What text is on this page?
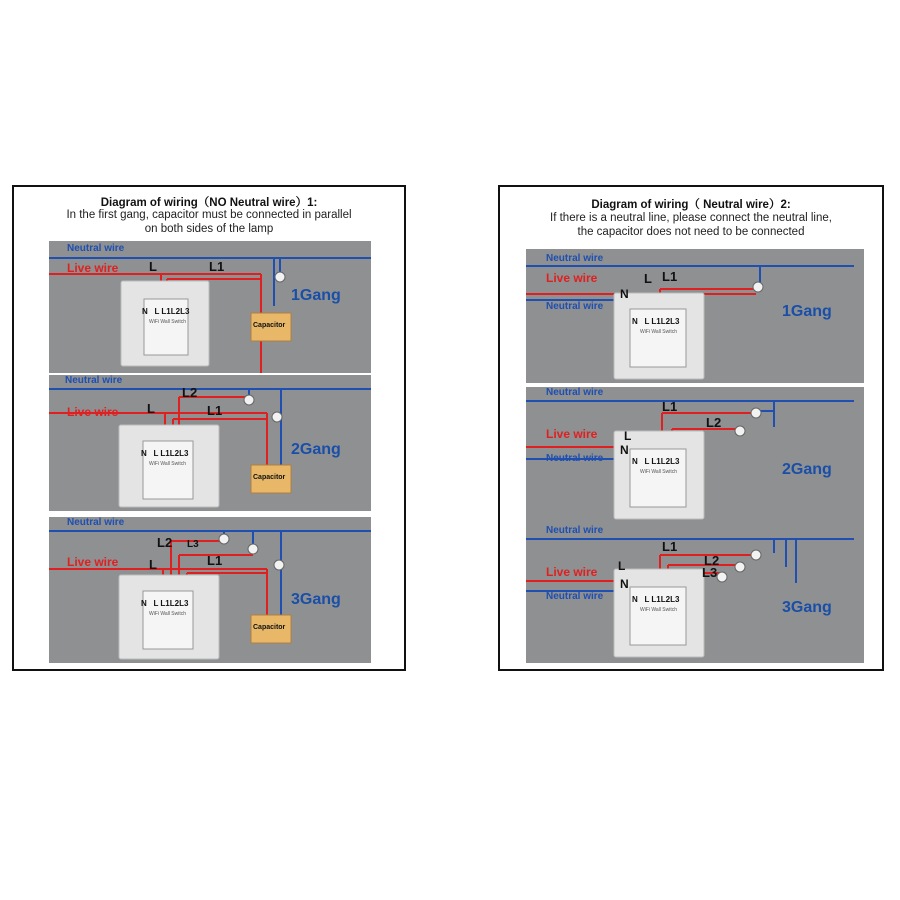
Diagram of wiring（NO Neutral wire）1:
In the first gang, capacitor must be connected in parallel
on both sides of the lamp
Neutral wire
Live wire L	L1
N   L L1L2L3
WiFi Wall Switch	Capacitor
1Gang
Neutral wire
Live wire L
L2
L1
N   L L1L2L3
WiFi Wall Switch
Capacitor
2Gang
Neutral wire
Live wire L
L2 L3
L1
N   L L1L2L3
WiFi Wall Switch
Capacitor
3Gang
Diagram of wiring（ Neutral wire）2:
If there is a neutral line, please connect the neutral line,
the capacitor does not need to be connected
Neutral wire
Live wire
Neutral wire
L L1
N
N   L L1L2L3
WiFi Wall Switch
1Gang
Neutral wire
Live wire
Neutral wire
L
L1
L2
N
N   L L1L2L3
WiFi Wall Switch	2Gang
Neutral wire
Live wire
Neutral wire
L
L1
L2
L3
N
N   L L1L2L3
WiFi Wall Switch	3Gang
